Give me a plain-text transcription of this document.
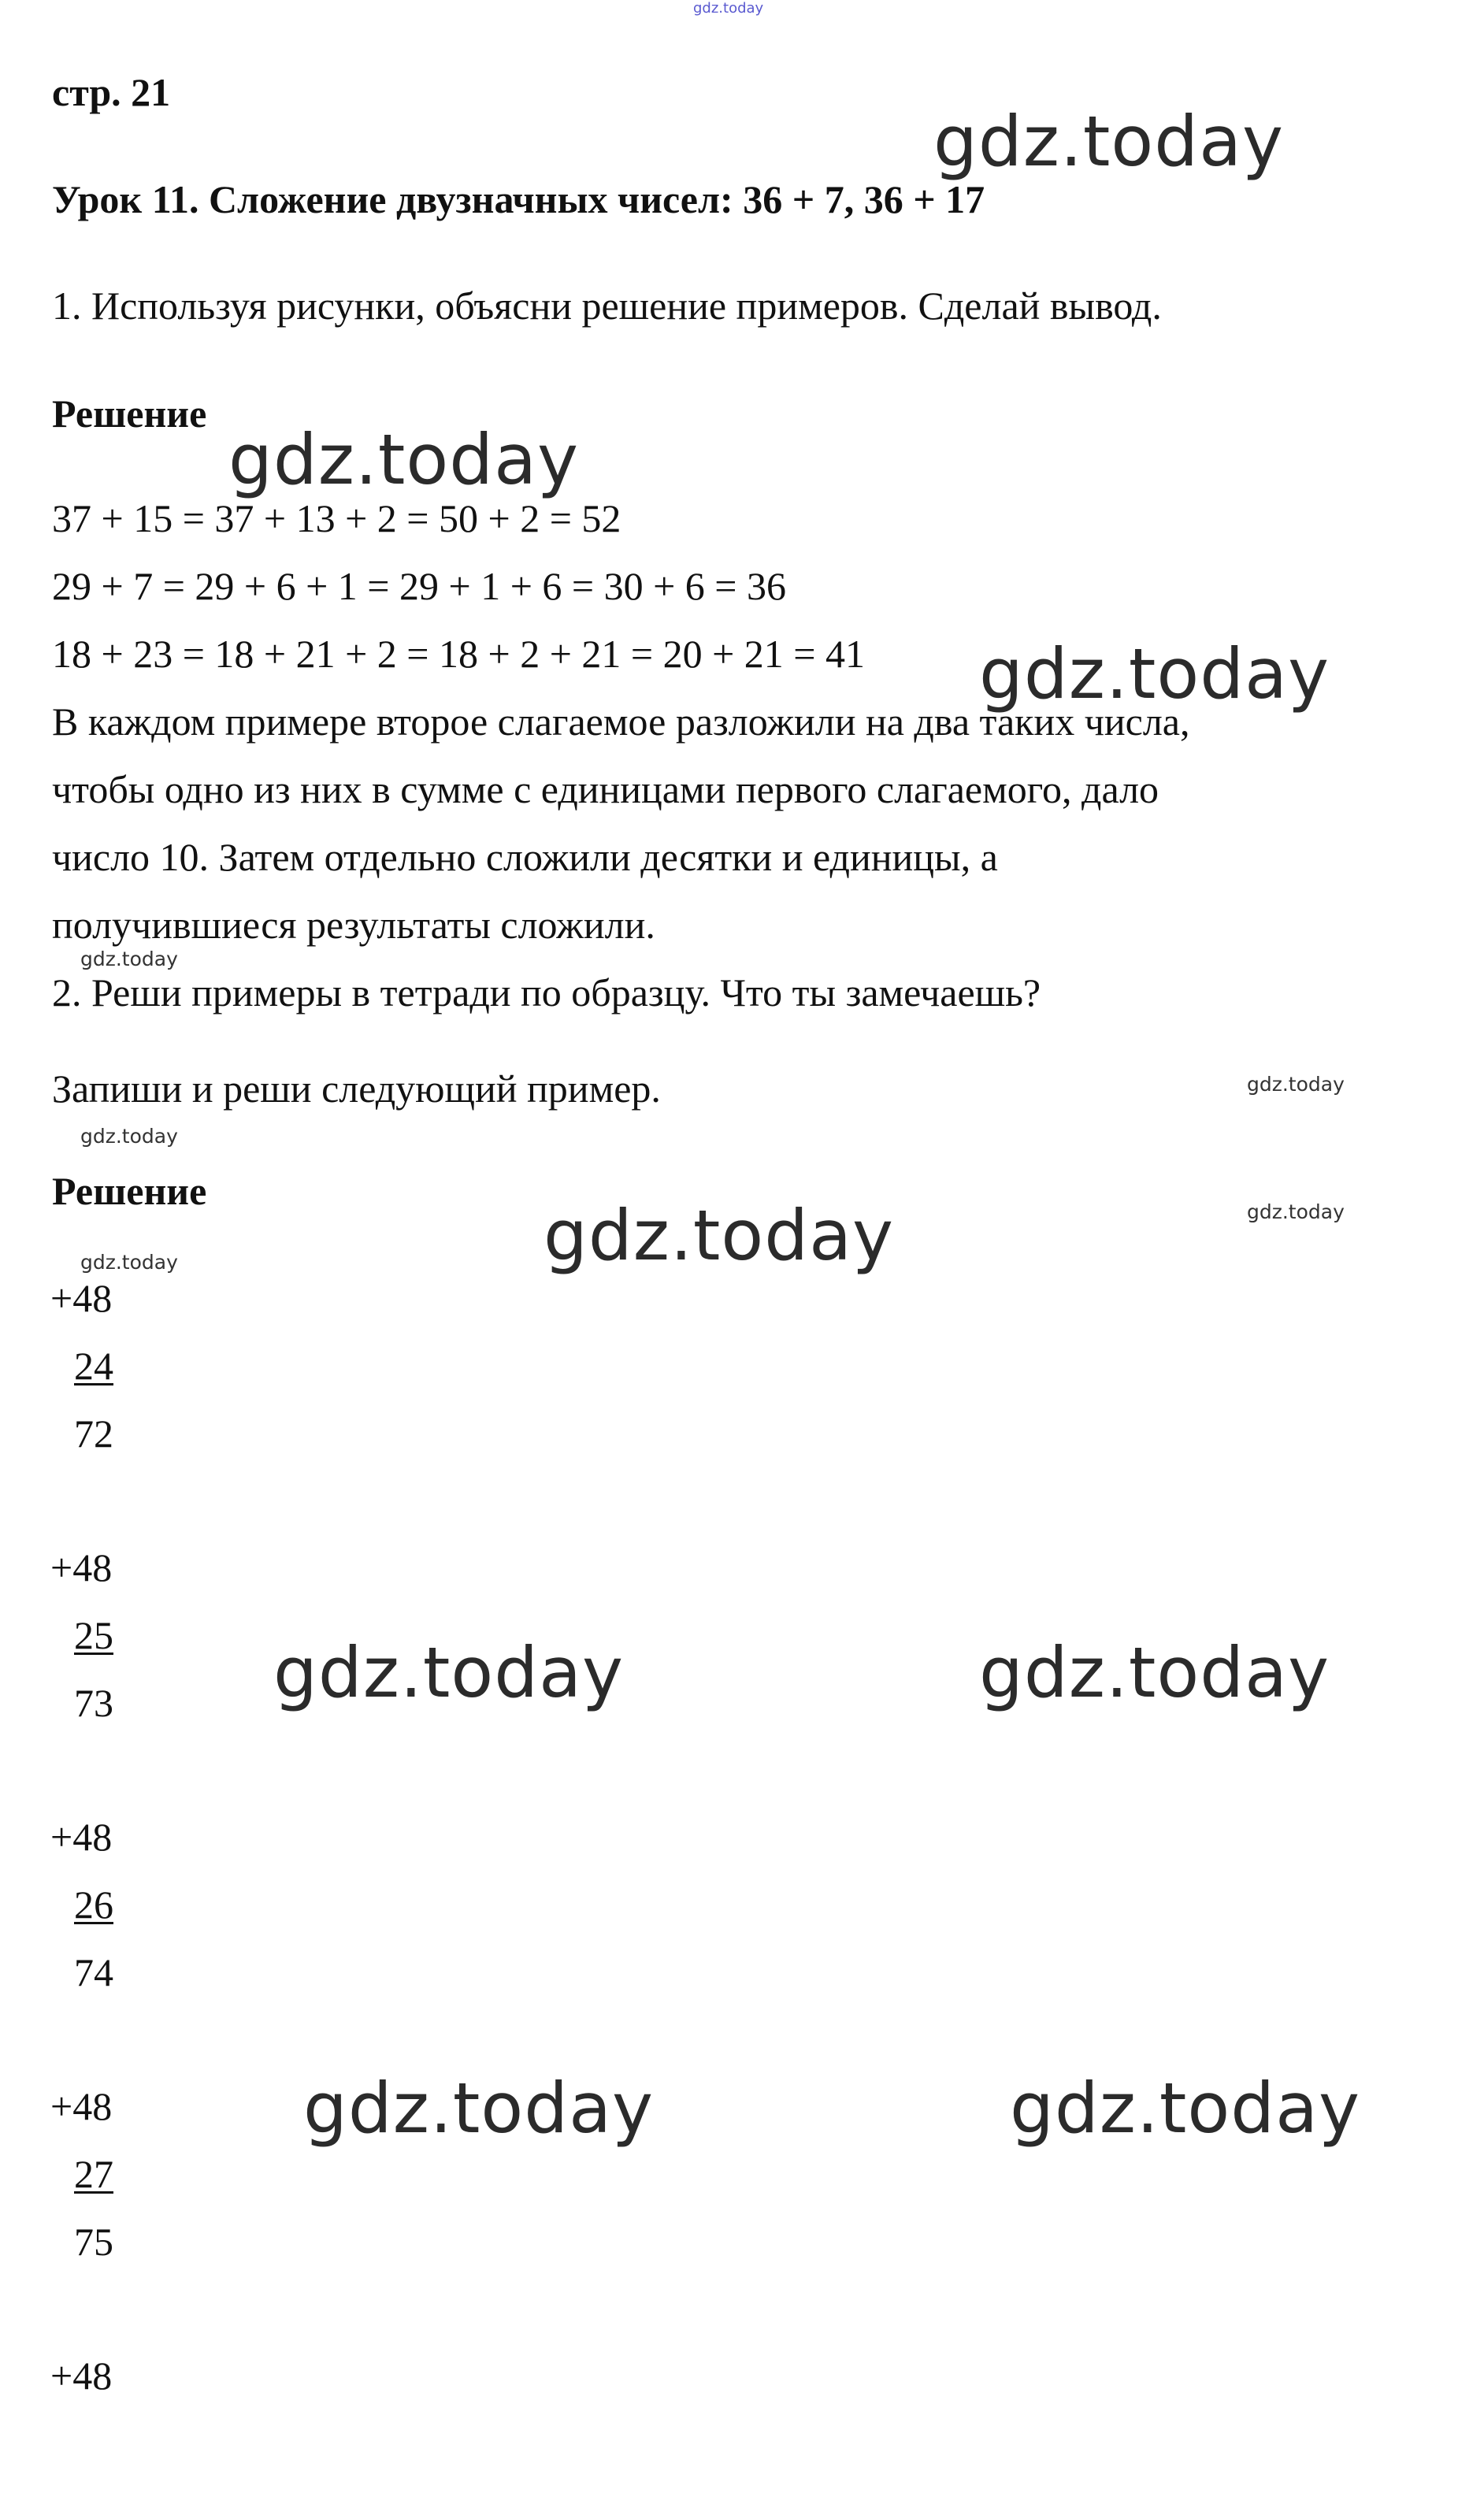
gdz.today
gdz.today
gdz.today
gdz.today
gdz.today
gdz.today
gdz.today
gdz.today
gdz.today
gdz.today
gdz.today	gdz.today
gdz.today	gdz.today
стр. 21
Урок 11. Сложение двузначных чисел: 36 + 7, 36 + 17
1. Используя рисунки, объясни решение примеров. Сделай вывод.
Решение
37 + 15 = 37 + 13 + 2 = 50 + 2 = 52
29 + 7 = 29 + 6 + 1 = 29 + 1 + 6 = 30 + 6 = 36
18 + 23 = 18 + 21 + 2 = 18 + 2 + 21 = 20 + 21 = 41
В каждом примере второе слагаемое разложили на два таких числа,
чтобы одно из них в сумме с единицами первого слагаемого, дало
число 10. Затем отдельно сложили десятки и единицы, а
получившиеся результаты сложили.
2. Реши примеры в тетради по образцу. Что ты замечаешь?
Запиши и реши следующий пример.
Решение
+48
24
72
+48
25
73
+48
26
74
+48
27
75
+48
